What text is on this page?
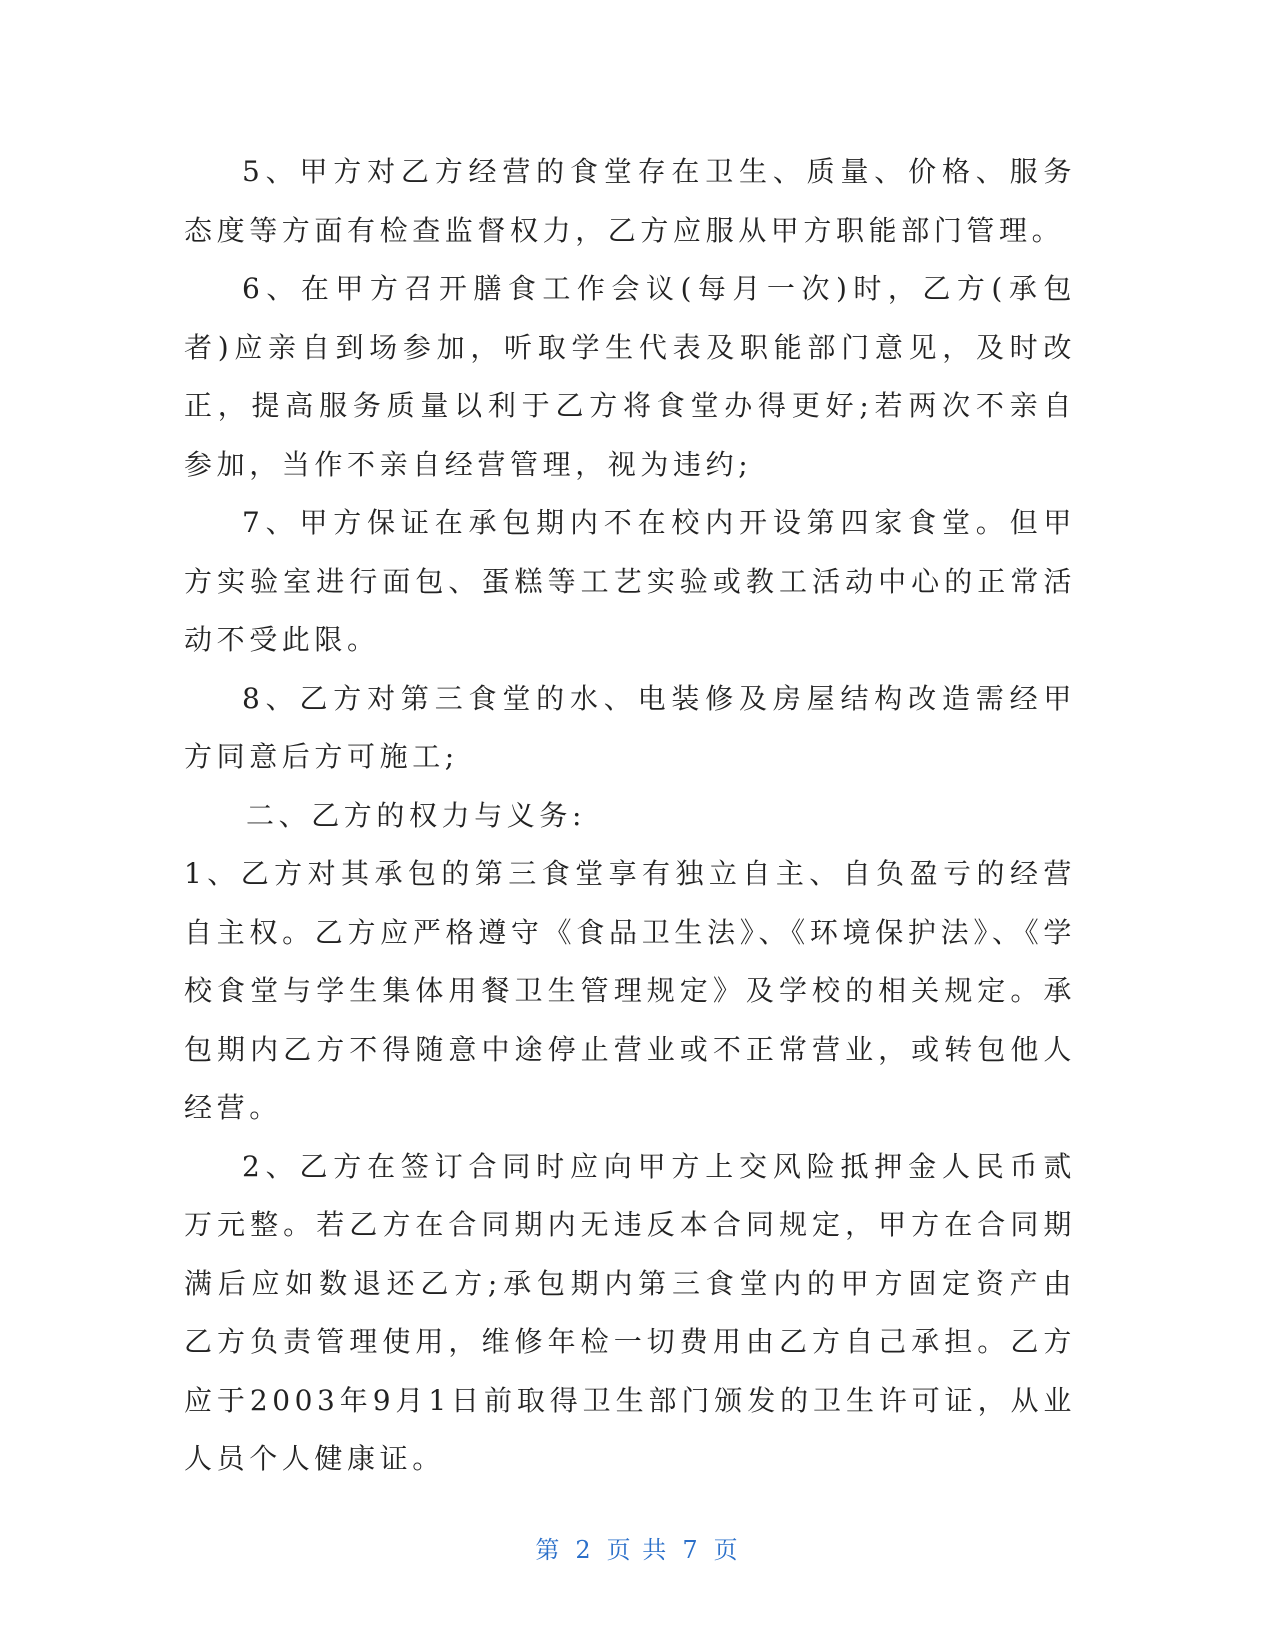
5、甲方对乙方经营的食堂存在卫生、质量、价格、服务态度等方面有检查监督权力，乙方应服从甲方职能部门管理。

6、在甲方召开膳食工作会议(每月一次)时，乙方(承包者)应亲自到场参加，听取学生代表及职能部门意见，及时改正，提高服务质量以利于乙方将食堂办得更好;若两次不亲自参加，当作不亲自经营管理，视为违约;

7、甲方保证在承包期内不在校内开设第四家食堂。但甲方实验室进行面包、蛋糕等工艺实验或教工活动中心的正常活动不受此限。

8、乙方对第三食堂的水、电装修及房屋结构改造需经甲方同意后方可施工;

二、乙方的权力与义务:

1、乙方对其承包的第三食堂享有独立自主、自负盈亏的经营自主权。乙方应严格遵守《食品卫生法》、《环境保护法》、《学校食堂与学生集体用餐卫生管理规定》及学校的相关规定。承包期内乙方不得随意中途停止营业或不正常营业，或转包他人经营。

2、乙方在签订合同时应向甲方上交风险抵押金人民币贰万元整。若乙方在合同期内无违反本合同规定，甲方在合同期满后应如数退还乙方;承包期内第三食堂内的甲方固定资产由乙方负责管理使用，维修年检一切费用由乙方自己承担。乙方应于2003年9月1日前取得卫生部门颁发的卫生许可证，从业人员个人健康证。

第 2 页 共 7 页
